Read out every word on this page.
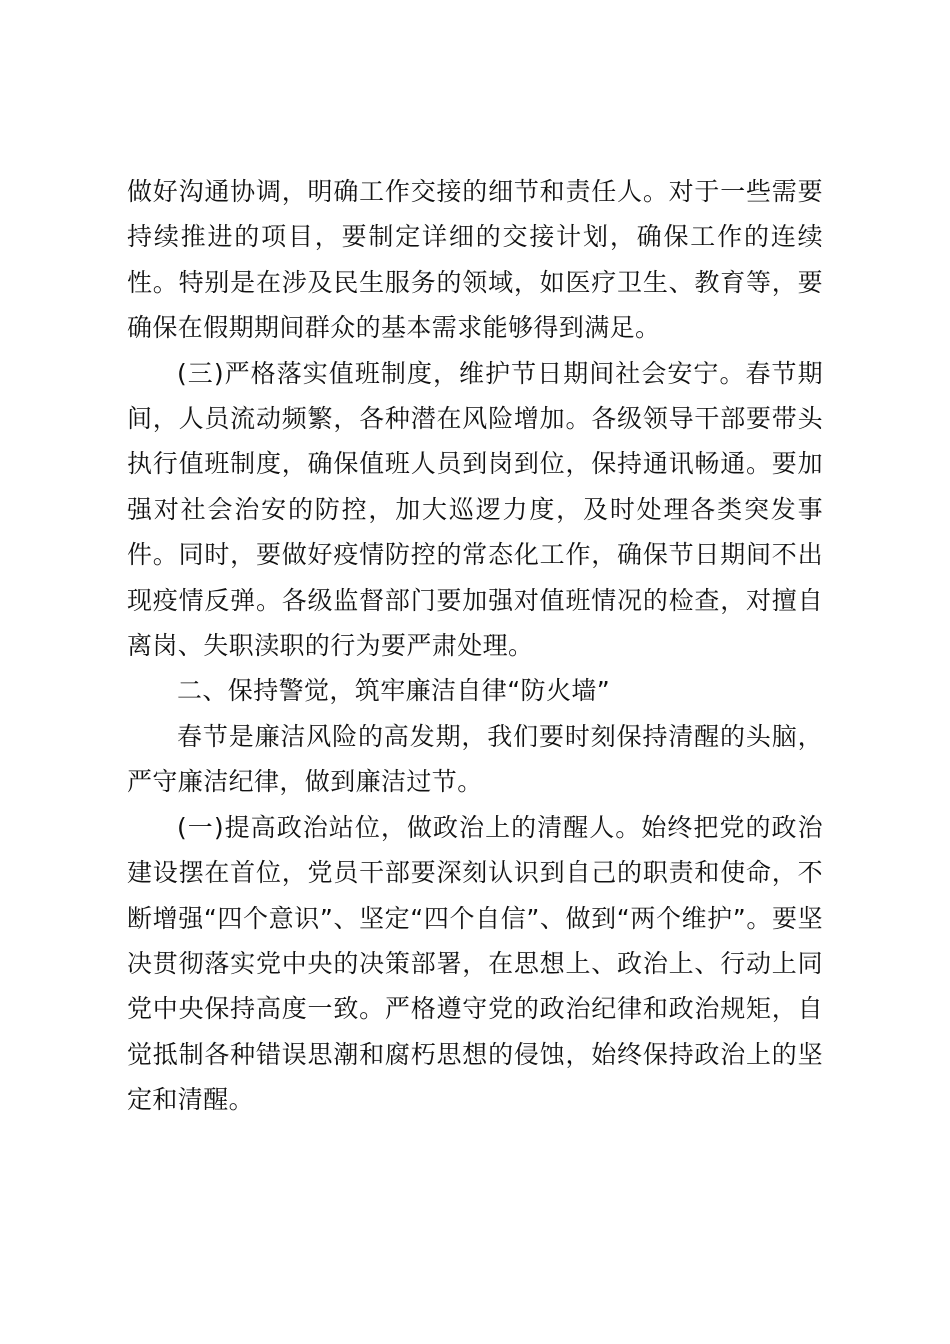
做好沟通协调，明确工作交接的细节和责任人。对于一些需要持续推进的项目，要制定详细的交接计划，确保工作的连续性。特别是在涉及民生服务的领域，如医疗卫生、教育等，要确保在假期期间群众的基本需求能够得到满足。

(三)严格落实值班制度，维护节日期间社会安宁。春节期间，人员流动频繁，各种潜在风险增加。各级领导干部要带头执行值班制度，确保值班人员到岗到位，保持通讯畅通。要加强对社会治安的防控，加大巡逻力度，及时处理各类突发事件。同时，要做好疫情防控的常态化工作，确保节日期间不出现疫情反弹。各级监督部门要加强对值班情况的检查，对擅自离岗、失职渎职的行为要严肃处理。

二、保持警觉，筑牢廉洁自律“防火墙”

春节是廉洁风险的高发期，我们要时刻保持清醒的头脑，严守廉洁纪律，做到廉洁过节。

(一)提高政治站位，做政治上的清醒人。始终把党的政治建设摆在首位，党员干部要深刻认识到自己的职责和使命，不断增强“四个意识”、坚定“四个自信”、做到“两个维护”。要坚决贯彻落实党中央的决策部署，在思想上、政治上、行动上同党中央保持高度一致。严格遵守党的政治纪律和政治规矩，自觉抵制各种错误思潮和腐朽思想的侵蚀，始终保持政治上的坚定和清醒。
